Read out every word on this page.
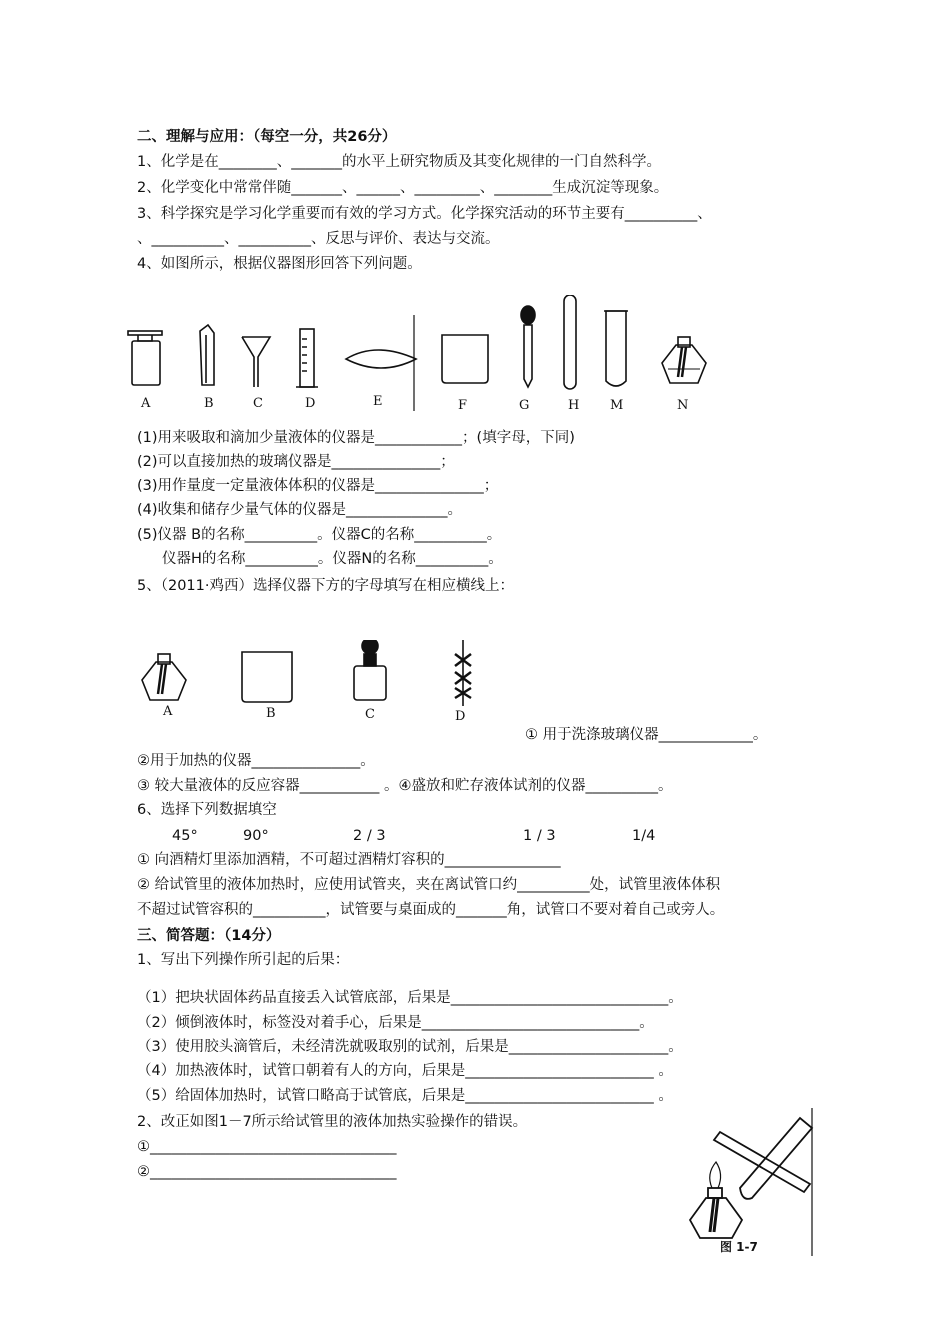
二、理解与应用：（每空一分，共26分）
1、化学是在________、_______的水平上研究物质及其变化规律的一门自然科学。
2、化学变化中常常伴随_______、______、_________、________生成沉淀等现象。
3、科学探究是学习化学重要而有效的学习方式。化学探究活动的环节主要有__________、
、__________、__________、反思与评价、表达与交流。
4、如图所示，根据仪器图形回答下列问题。
A	B	C	D	E	F	G	H M	N
(1)用来吸取和滴加少量液体的仪器是____________；(填字母，下同)
(2)可以直接加热的玻璃仪器是_______________；
(3)用作量度一定量液体体积的仪器是_______________；
(4)收集和储存少量气体的仪器是______________。
(5)仪器 B的名称__________。仪器C的名称__________。
仪器H的名称__________。仪器N的名称__________。
5、（2011·鸡西）选择仪器下方的字母填写在相应横线上：
A	B	C	D
① 用于洗涤玻璃仪器_____________。
②用于加热的仪器_______________。
③ 较大量液体的反应容器___________ 。④盛放和贮存液体试剂的仪器__________。
6、选择下列数据填空
45°	90°	2 / 3	1 / 3	1/4
① 向酒精灯里添加酒精，不可超过酒精灯容积的________________
② 给试管里的液体加热时，应使用试管夹，夹在离试管口约__________处，试管里液体体积
不超过试管容积的__________，试管要与桌面成的_______角，试管口不要对着自己或旁人。
三、简答题：（14分）
1、写出下列操作所引起的后果：
（1）把块状固体药品直接丢入试管底部，后果是______________________________。
（2）倾倒液体时，标签没对着手心，后果是______________________________。
（3）使用胶头滴管后，未经清洗就吸取别的试剂，后果是______________________。
（4）加热液体时，试管口朝着有人的方向，后果是__________________________ 。
（5）给固体加热时，试管口略高于试管底，后果是__________________________ 。
2、改正如图1－7所示给试管里的液体加热实验操作的错误。
①__________________________________
②__________________________________
图 1-7
